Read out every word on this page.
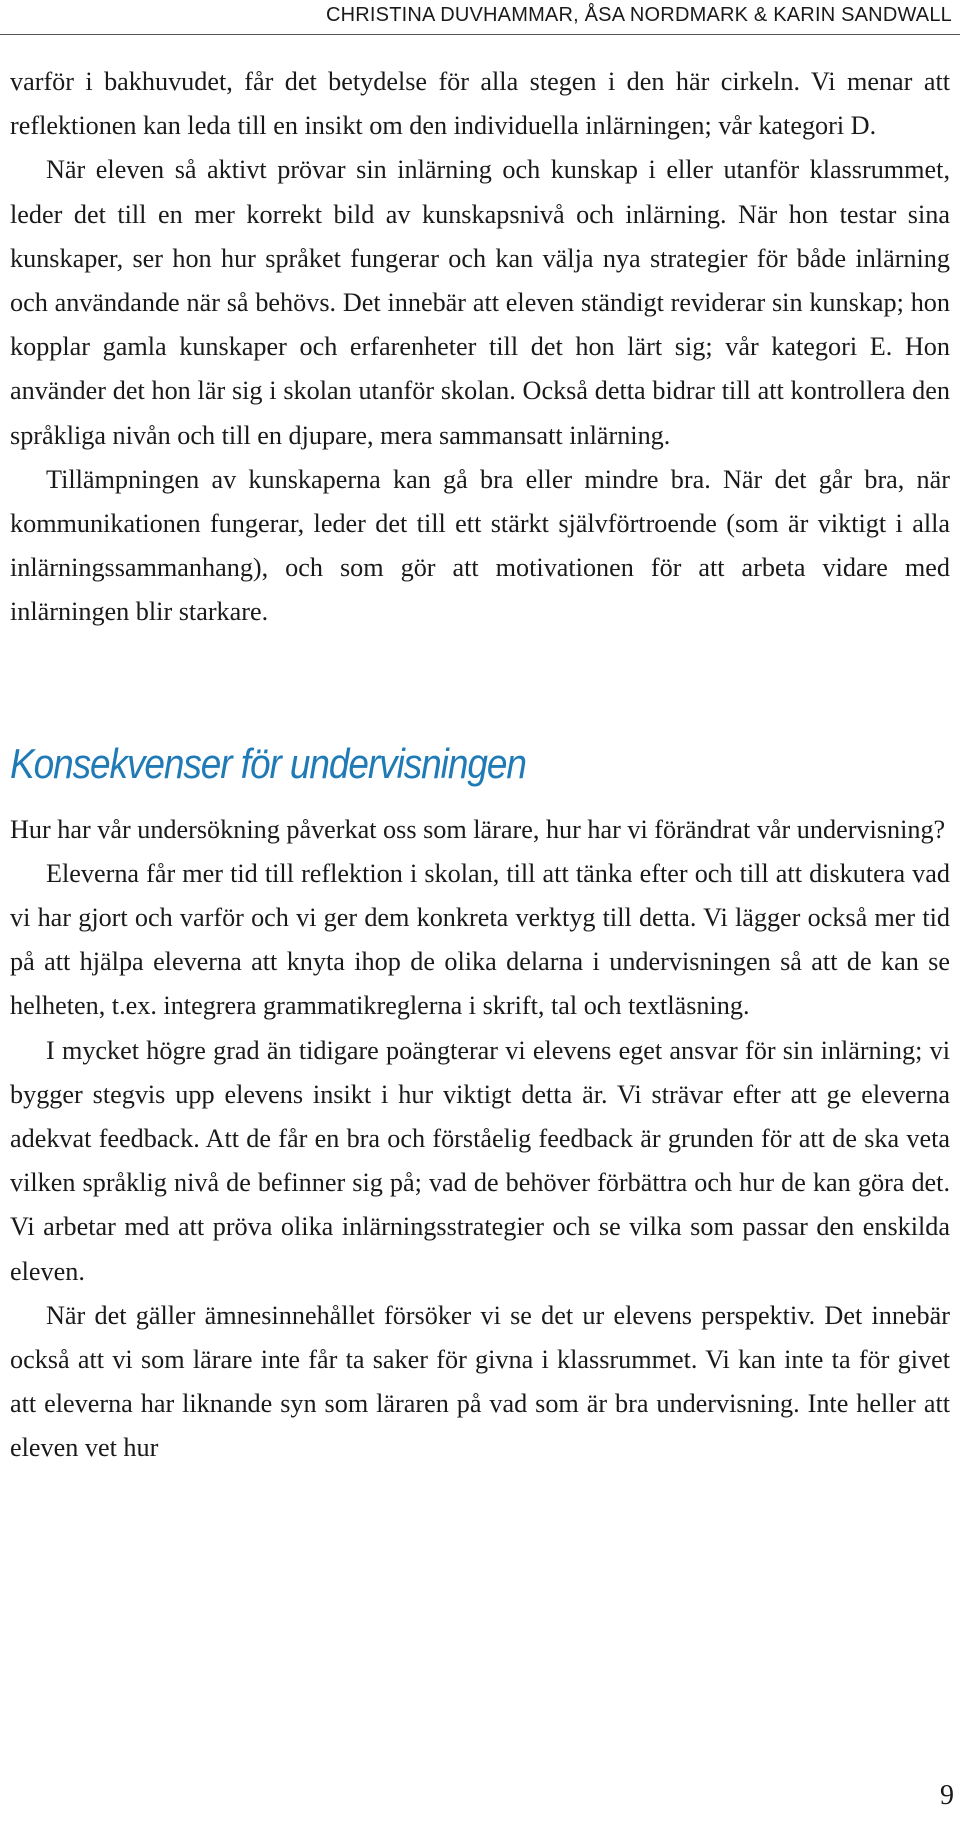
CHRISTINA DUVHAMMAR, ÅSA NORDMARK & KARIN SANDWALL

varför i bakhuvudet, får det betydelse för alla stegen i den här cirkeln. Vi menar att reflektionen kan leda till en insikt om den individuella inlärningen; vår kategori D.

När eleven så aktivt prövar sin inlärning och kunskap i eller utanför klassrummet, leder det till en mer korrekt bild av kunskapsnivå och inlärning. När hon testar sina kunskaper, ser hon hur språket fungerar och kan välja nya strategier för både inlärning och användande när så behövs. Det innebär att eleven ständigt reviderar sin kunskap; hon kopplar gamla kunskaper och erfarenheter till det hon lärt sig; vår kategori E. Hon använder det hon lär sig i skolan utanför skolan. Också detta bidrar till att kontrollera den språkliga nivån och till en djupare, mera sammansatt inlärning.

Tillämpningen av kunskaperna kan gå bra eller mindre bra. När det går bra, när kommunikationen fungerar, leder det till ett stärkt självförtroende (som är viktigt i alla inlärningssammanhang), och som gör att motivationen för att arbeta vidare med inlärningen blir starkare.

Konsekvenser för undervisningen

Hur har vår undersökning påverkat oss som lärare, hur har vi förändrat vår undervisning?

Eleverna får mer tid till reflektion i skolan, till att tänka efter och till att diskutera vad vi har gjort och varför och vi ger dem konkreta verktyg till detta. Vi lägger också mer tid på att hjälpa eleverna att knyta ihop de olika delarna i undervisningen så att de kan se helheten, t.ex. integrera grammatikreglerna i skrift, tal och textläsning.

I mycket högre grad än tidigare poängterar vi elevens eget ansvar för sin inlärning; vi bygger stegvis upp elevens insikt i hur viktigt detta är. Vi strävar efter att ge eleverna adekvat feedback. Att de får en bra och förståelig feedback är grunden för att de ska veta vilken språklig nivå de befinner sig på; vad de behöver förbättra och hur de kan göra det. Vi arbetar med att pröva olika inlärningsstrategier och se vilka som passar den enskilda eleven.

När det gäller ämnesinnehållet försöker vi se det ur elevens perspektiv. Det innebär också att vi som lärare inte får ta saker för givna i klassrummet. Vi kan inte ta för givet att eleverna har liknande syn som läraren på vad som är bra undervisning. Inte heller att eleven vet hur

9
